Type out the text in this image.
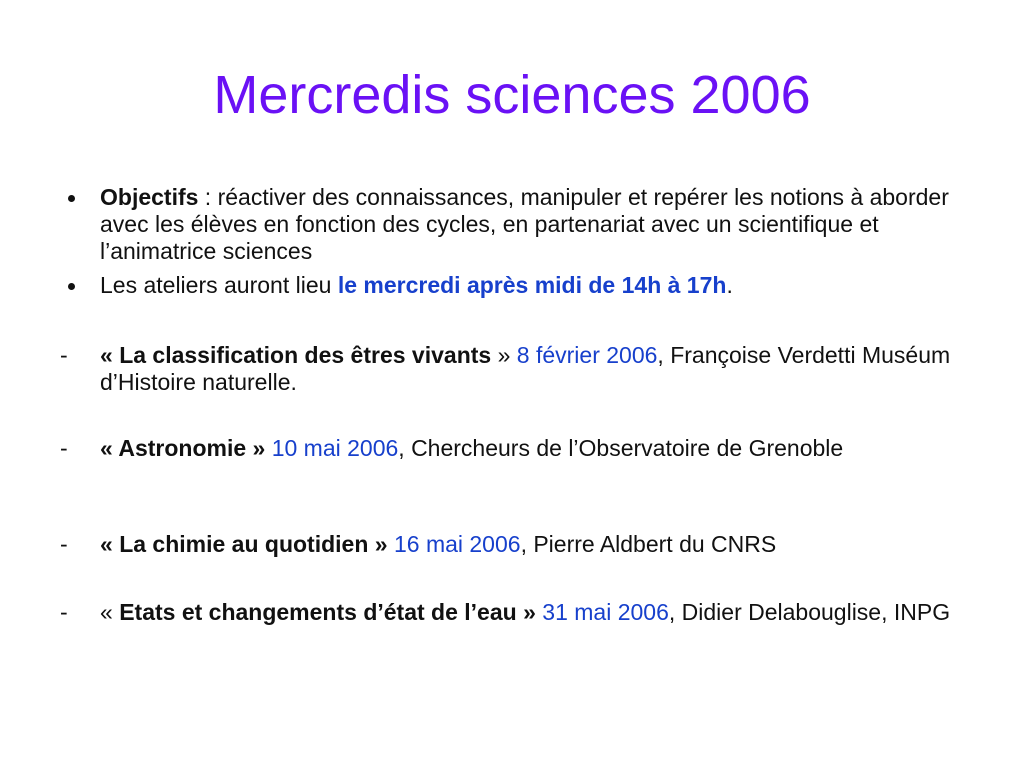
Mercredis sciences 2006
Objectifs : réactiver des connaissances, manipuler et repérer les notions à aborder avec les élèves en fonction des cycles, en partenariat avec un scientifique et l’animatrice sciences
Les ateliers auront lieu le mercredi après midi de 14h à 17h.
-	« La classification des êtres vivants » 8 février 2006, Françoise Verdetti Muséum d’Histoire naturelle.
-	« Astronomie » 10 mai 2006, Chercheurs de l’Observatoire de Grenoble
-	« La chimie au quotidien » 16 mai 2006, Pierre Aldbert du CNRS
-	« Etats et changements d’état de l’eau » 31 mai 2006, Didier Delabouglise, INPG
